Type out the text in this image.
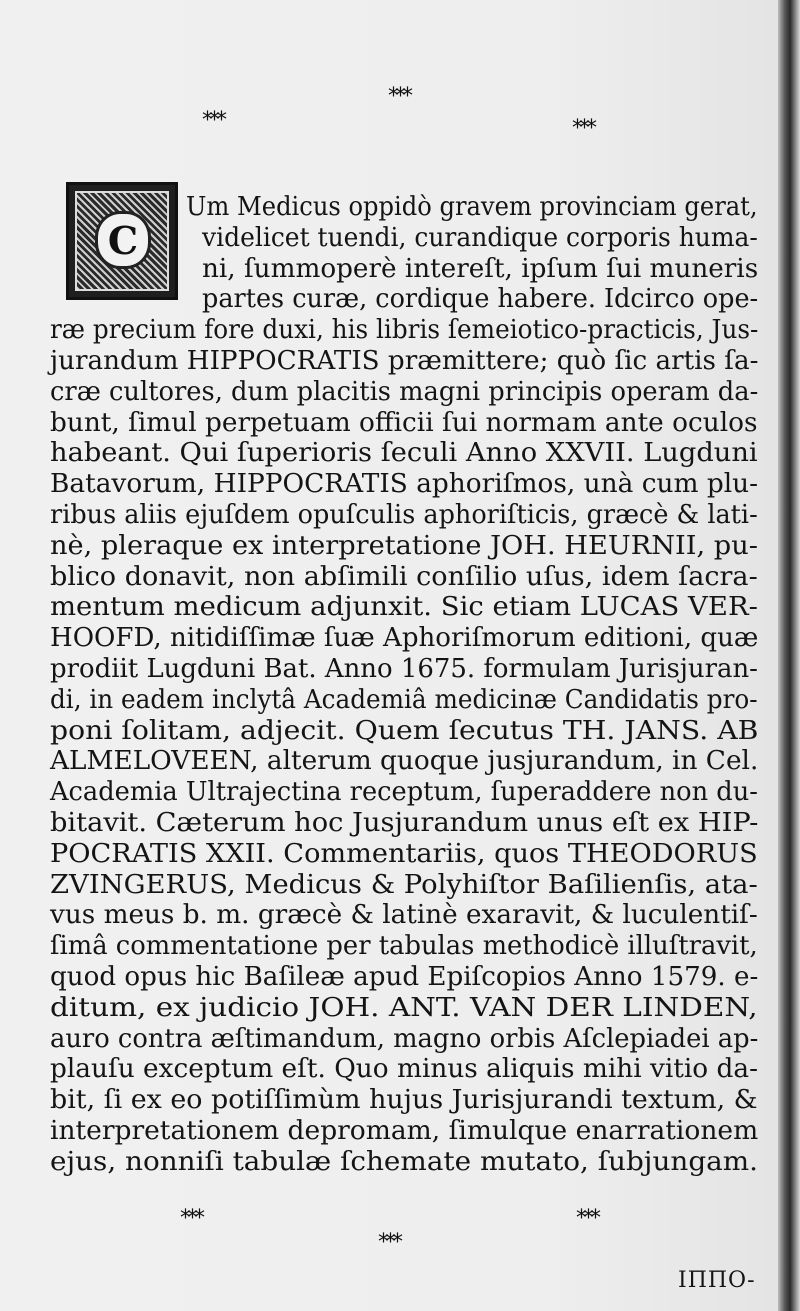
***
***
***
C
Um Medicus oppidò gravem provinciam gerat,
videlicet tuendi, curandique corporis huma-
ni, ſummoperè intereſt, ipſum ſui muneris
partes curæ, cordique habere. Idcirco ope-
ræ precium fore duxi, his libris ſemeiotico-practicis, Jus-
jurandum HIPPOCRATIS præmittere; quò ſic artis ſa-
cræ cultores, dum placitis magni principis operam da-
bunt, ſimul perpetuam officii ſui normam ante oculos
habeant. Qui ſuperioris ſeculi Anno XXVII. Lugduni
Batavorum, HIPPOCRATIS aphoriſmos, unà cum plu-
ribus aliis ejuſdem opuſculis aphoriſticis, græcè & lati-
nè, pleraque ex interpretatione JOH. HEURNII, pu-
blico donavit, non abſimili conſilio uſus, idem ſacra-
mentum medicum adjunxit. Sic etiam LUCAS VER-
HOOFD, nitidiſſimæ ſuæ Aphoriſmorum editioni, quæ
prodiit Lugduni Bat. Anno 1675. formulam Jurisjuran-
di, in eadem inclytâ Academiâ medicinæ Candidatis pro-
poni ſolitam, adjecit. Quem ſecutus TH. JANS. AB
ALMELOVEEN, alterum quoque jusjurandum, in Cel.
Academia Ultrajectina receptum, ſuperaddere non du-
bitavit. Cæterum hoc Jusjurandum unus eſt ex HIP-
POCRATIS XXII. Commentariis, quos THEODORUS
ZVINGERUS, Medicus & Polyhiſtor Baſilienſis, ata-
vus meus b. m. græcè & latinè exaravit, & luculentiſ-
ſimâ commentatione per tabulas methodicè illuſtravit,
quod opus hic Baſileæ apud Epiſcopios Anno 1579. e-
ditum, ex judicio JOH. ANT. VAN DER LINDEN,
auro contra æſtimandum, magno orbis Aſclepiadei ap-
plauſu exceptum eſt. Quo minus aliquis mihi vitio da-
bit, ſi ex eo potiſſimùm hujus Jurisjurandi textum, &
interpretationem depromam, ſimulque enarrationem
ejus, nonniſi tabulæ ſchemate mutato, ſubjungam.
***
***
***
ΙΠΠΟ-
